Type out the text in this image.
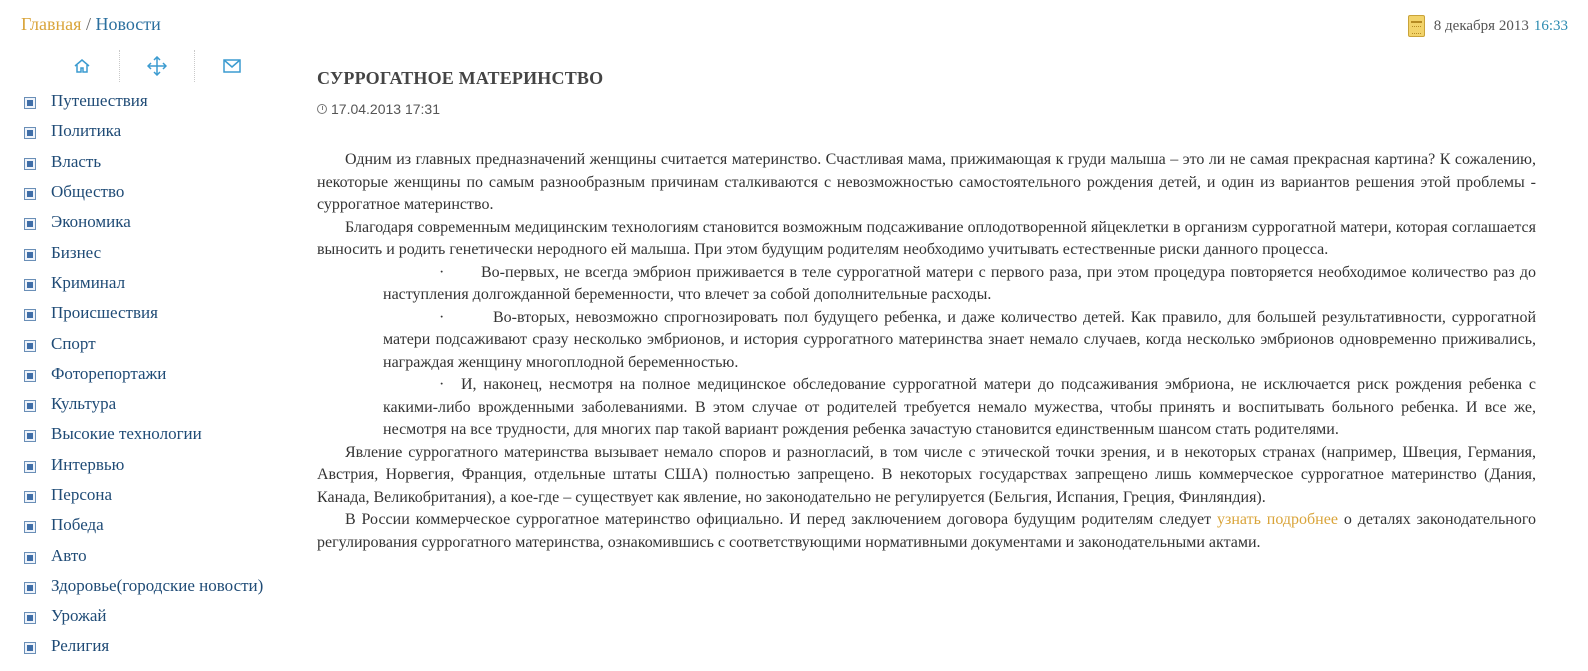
Главная / Новости	8 декабря 2013 16:33
Путешествия
Политика
Власть
Общество
Экономика
Бизнес
Криминал
Происшествия
Спорт
Фоторепортажи
Культура
Высокие технологии
Интервью
Персона
Победа
Авто
Здоровье(городские новости)
Урожай
Религия
СУРРОГАТНОЕ МАТЕРИНСТВО
17.04.2013 17:31

Одним из главных предназначений женщины считается материнство. Счастливая мама, прижимающая к груди малыша – это ли не самая прекрасная картина? К сожалению, некоторые женщины по самым разнообразным причинам сталкиваются с невозможностью самостоятельного рождения детей, и один из вариантов решения этой проблемы - суррогатное материнство.

Благодаря современным медицинским технологиям становится возможным подсаживание оплодотворенной яйцеклетки в организм суррогатной матери, которая соглашается выносить и родить генетически неродного ей малыша. При этом будущим родителям необходимо учитывать естественные риски данного процесса.

· Во-первых, не всегда эмбрион приживается в теле суррогатной матери с первого раза, при этом процедура повторяется необходимое количество раз до наступления долгожданной беременности, что влечет за собой дополнительные расходы.

·	Во-вторых, невозможно спрогнозировать пол будущего ребенка, и даже количество детей. Как правило, для большей результативности, суррогатной матери подсаживают сразу несколько эмбрионов, и история суррогатного материнства знает немало случаев, когда несколько эмбрионов одновременно приживались, награждая женщину многоплодной беременностью.

· И, наконец, несмотря на полное медицинское обследование суррогатной матери до подсаживания эмбриона, не исключается риск рождения ребенка с какими-либо врожденными заболеваниями. В этом случае от родителей требуется немало мужества, чтобы принять и воспитывать больного ребенка. И все же, несмотря на все трудности, для многих пар такой вариант рождения ребенка зачастую становится единственным шансом стать родителями.

Явление суррогатного материнства вызывает немало споров и разногласий, в том числе с этической точки зрения, и в некоторых странах (например, Швеция, Германия, Австрия, Норвегия, Франция, отдельные штаты США) полностью запрещено. В некоторых государствах запрещено лишь коммерческое суррогатное материнство (Дания, Канада, Великобритания), а кое-где – существует как явление, но законодательно не регулируется (Бельгия, Испания, Греция, Финляндия).

В России коммерческое суррогатное материнство официально. И перед заключением договора будущим родителям следует узнать подробнее о деталях законодательного регулирования суррогатного материнства, ознакомившись с соответствующими нормативными документами и законодательными актами.
